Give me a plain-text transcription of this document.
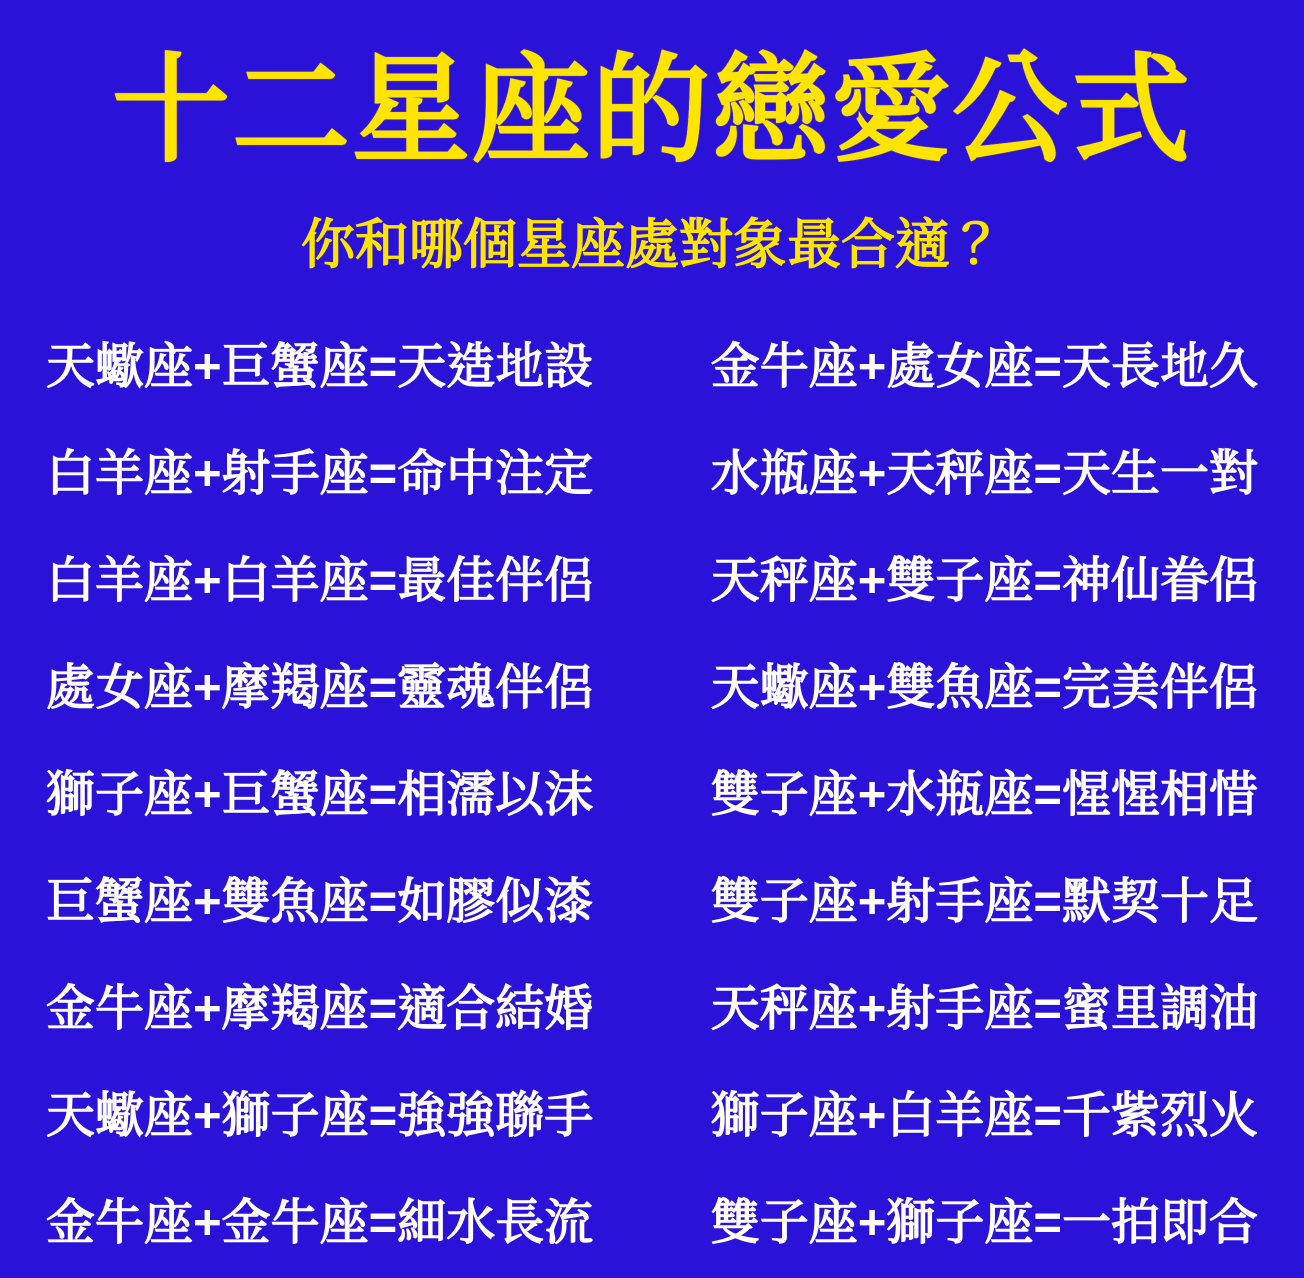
十二星座的戀愛公式
你和哪個星座處對象最合適？
天蠍座+巨蟹座=天造地設
白羊座+射手座=命中注定
白羊座+白羊座=最佳伴侶
處女座+摩羯座=靈魂伴侶
獅子座+巨蟹座=相濡以沫
巨蟹座+雙魚座=如膠似漆
金牛座+摩羯座=適合結婚
天蠍座+獅子座=強強聯手
金牛座+金牛座=細水長流
金牛座+處女座=天長地久
水瓶座+天秤座=天生一對
天秤座+雙子座=神仙眷侶
天蠍座+雙魚座=完美伴侶
雙子座+水瓶座=惺惺相惜
雙子座+射手座=默契十足
天秤座+射手座=蜜里調油
獅子座+白羊座=千紫烈火
雙子座+獅子座=一拍即合
